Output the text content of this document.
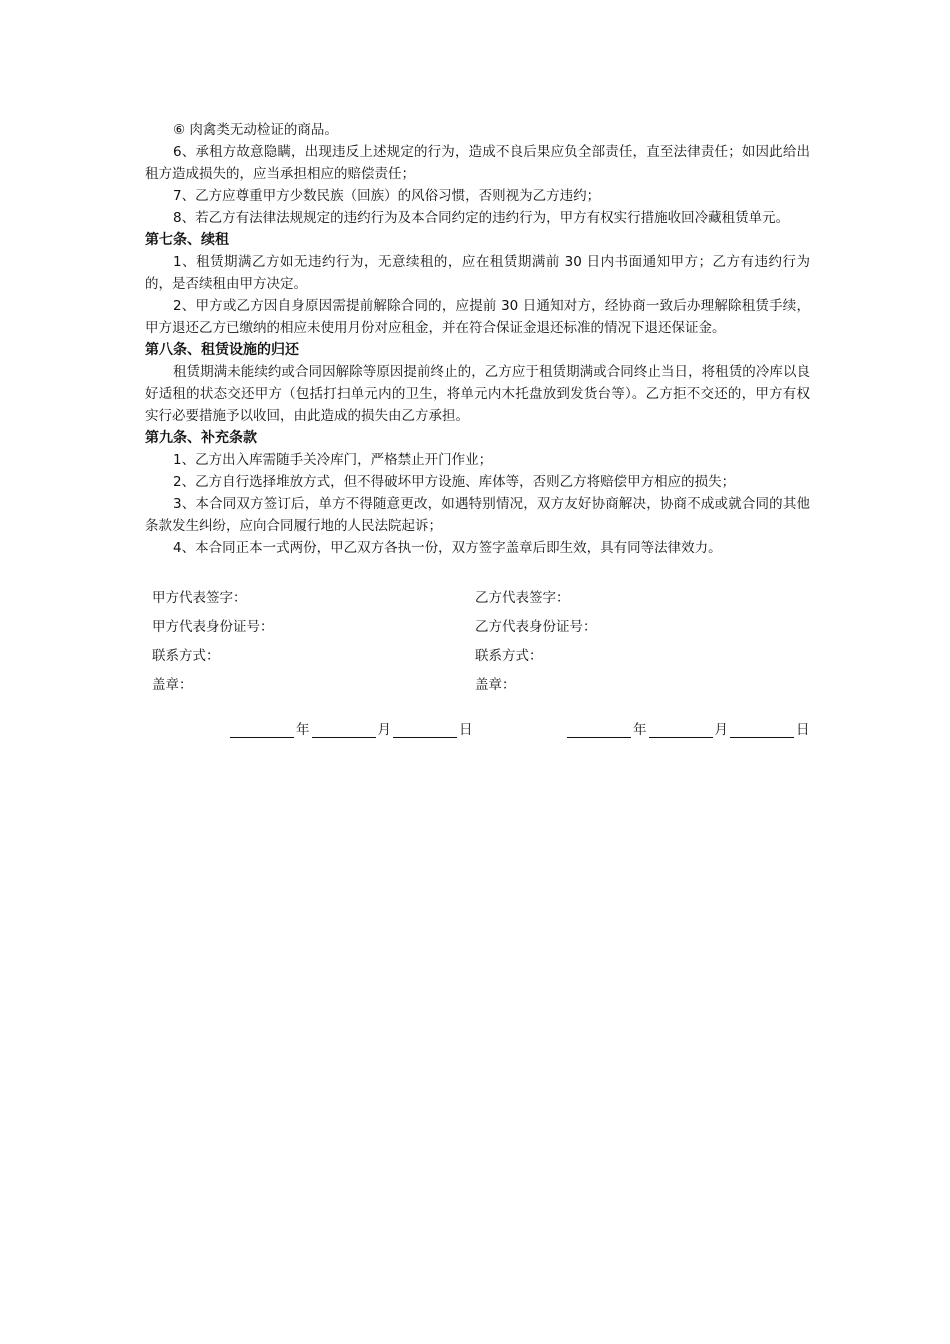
⑥ 肉禽类无动检证的商品。

6、承租方故意隐瞒，出现违反上述规定的行为，造成不良后果应负全部责任，直至法律责任；如因此给出租方造成损失的，应当承担相应的赔偿责任；

7、乙方应尊重甲方少数民族（回族）的风俗习惯，否则视为乙方违约；

8、若乙方有法律法规规定的违约行为及本合同约定的违约行为，甲方有权实行措施收回冷藏租赁单元。

第七条、续租

1、租赁期满乙方如无违约行为，无意续租的，应在租赁期满前 30 日内书面通知甲方；乙方有违约行为的，是否续租由甲方决定。

2、甲方或乙方因自身原因需提前解除合同的，应提前 30 日通知对方，经协商一致后办理解除租赁手续，甲方退还乙方已缴纳的相应未使用月份对应租金，并在符合保证金退还标准的情况下退还保证金。

第八条、租赁设施的归还

租赁期满未能续约或合同因解除等原因提前终止的，乙方应于租赁期满或合同终止当日，将租赁的冷库以良好适租的状态交还甲方（包括打扫单元内的卫生，将单元内木托盘放到发货台等）。乙方拒不交还的，甲方有权实行必要措施予以收回，由此造成的损失由乙方承担。

第九条、补充条款

1、乙方出入库需随手关冷库门，严格禁止开门作业；

2、乙方自行选择堆放方式，但不得破坏甲方设施、库体等，否则乙方将赔偿甲方相应的损失；

3、本合同双方签订后，单方不得随意更改，如遇特别情况，双方友好协商解决，协商不成或就合同的其他条款发生纠纷，应向合同履行地的人民法院起诉；

4、本合同正本一式两份，甲乙双方各执一份，双方签字盖章后即生效，具有同等法律效力。

甲方代表签字：	乙方代表签字：
甲方代表身份证号：	乙方代表身份证号：
联系方式：	联系方式：
盖章：	盖章：
年	月	日	年	月	日
